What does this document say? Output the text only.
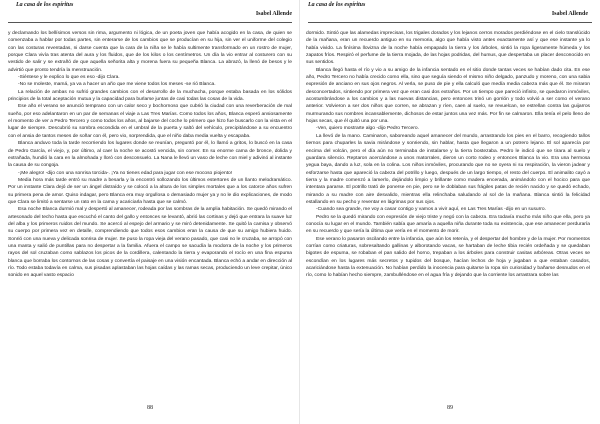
La casa de los espíritus
Isabel Allende

y declamando los bellísimos versos sin rima, argumento ni lógica, de un poeta joven que había acogido en la casa, de quien se comenzaba a hablar por todas partes, sin enterarse de los cambios que se producían en su hija, sin ver el uniforme del colegio con las costuras reventadas, ni darse cuenta que la cara de la niña se le había sultimente transformado en un rostro de mujer, porque Clara vivía tras atenta del aura y los fluidos, que de los kilos o los centímetros. Un día la vio entrar al costurero con su vestido de salir y se extrañó de que aquella señorita alta y morena fuera su pequeña Blanca. La abrazó, la llenó de besos y le advirtió que pronto tendría la menstruación.

-Siéntese y le explico lo que es eso -dijo Clara.

-No se moleste, mamá, ya va a hacer un año que me viene todos los meses -se rió Blanca.

La relación de ambas no sufrió grandes cambios con el desarrollo de la muchacha, porque estaba basada en los sólidos principios de la total aceptación mutua y la capacidad para burlarse juntas de casi todas las cosas de la vida.

Ese año el verano se anunció temprano con un calor seco y bochornoso que cubrió la ciudad con una reverberación de mal sueño, por eso adelantaron en un par de semanas el viaje a Las Tres Marías. Como todos los años, Blanca esperó ansiosamente el momento de ver a Pedro Tercero y como todos los años, al bajarse del coche lo primero que hizo fue buscarlo con la vista en el lugar de siempre. Descubrió su sombra escondida en el umbral de la puerta y saltó del vehículo, precipitándose a su encuentro con el ansia de tantos meses de soñar con él, pero vio, sorprendida, que el niño daba media vuelta y escapaba.

Blanca anduvo toda la tarde recorriendo los lugares donde se reunían, preguntó por él, lo llamó a gritos, lo buscó en la casa de Pedro García, el viejo, y, por último, al caer la noche se acostó vencida, sin comer. En su enorme cama de bronce, dolida y extrañada, hundió la cara en la almohada y lloró con desconsuelo. La Nana le llevó un vaso de leche con miel y adivinó al instante la causa de su congoja.

-¡Me alegro! -dijo con una sonrisa torcida-. ¡Ya no tienes edad para jugar con ese mocoso piojento!

Media hora más tarde entró su madre a besarla y la encontró sollozando los últimos estertores de un llanto melodramático. Por un instante Clara dejó de ser un ángel distraído y se colocó a la altura de los simples mortales que a los catorce años sufren su primera pena de amor. Quiso indagar, pero Blanca era muy orgullosa o demasiado mujer ya y no le dio explicaciones, de modo que Clara se limitó a sentarse un rato en la cama y acariciarla hasta que se calmó.

Esa noche Blanca durmió mal y despertó al amanecer, rodeada por las sombras de la amplia habitación. Se quedó mirando el artesonado del techo hasta que escuchó el canto del gallo y entonces se levantó, abrió las cortinas y dejó que entrara la suave luz del alba y los primeros ruidos del mundo. Se acercó al espejo del armario y se miró detenidamente. Se quitó la camisa y observó su cuerpo por primera vez en detalle, comprendiendo que todos esos cambios eran la causa de que su amigo hubiera huido. Sonrió con una nueva y delicada sonrisa de mujer. Se puso la ropa vieja del verano pasado, que casi no le cruzaba, se arropó con una manta y salió de puntillas para no despertar a la familia. Afuera el campo se sacudía la modorra de la noche y los primeros rayos del sol cruzaban como sablazos los picos de la cordillera, calentando la tierra y evaporando el rocío en una fina espuma blanca que borraba los contornos de las cosas y convertía el paisaje en una visión encantada. Blanca echó a andar en dirección al río. Todo estaba todavía en calma, sus pisadas aplastaban las hojas caídas y las ramas secas, produciendo un leve crepitar, único sonido en aquel vasto espacio

88
La casa de los espíritus
Isabel Allende

dormido. Sintió que las alamedas imprecisas, los trigales dorados y los lejanos cerros morados perdiéndose en el cielo translúcido de la mañana, eran un recuerdo antiguo en su memoria, algo que había visto antes exactamente así y que ese instante ya lo había vivido. La finísima llovizna de la noche había empapado la tierra y los árboles, sintió la ropa ligeramente húmeda y los zapatos fríos. Respiró el perfume de la tierra mojada, de las hojas podridas, del humus, que despertaba un placer desconocido en sus sentidos.

Blanca llegó hasta el río y vio a su amigo de la infancia sentado en el sitio donde tantas veces se habían dado cita. En ese año, Pedro Tercero no había crecido como ella, sino que seguía siendo el mismo niño delgado, panzudo y moreno, con una sabia expresión de anciano en sus ojos negros. Al verla, se puso de pie y ella calculó que medía media cabeza más que él. Se miraron desconcertados, sintiendo por primera vez que eran casi dos extraños. Por un tiempo que pareció infinito, se quedaron inmóviles, acostumbrándose a los cambios y a las nuevas distancias, pero entonces trinó un gorrión y todo volvió a ser como el verano anterior. Volvieron a ser dos niños que corren, se abrazan y ríen, caen al suelo, se revuelcan, se estrellan contra las guijarros murmurando sus nombres incansablemente, dichosos de estar juntos una vez más. Por fin se calmaron. Ella tenía el pelo lleno de hojas secas, que él quitó una por una.

-Ven, quiero mostrarte algo -dijo Pedro Tercero.

La llevó de la mano. Caminaron, saboreando aquel amanecer del mundo, arrastrando los pies en el barro, recogiendo tallos tiernos para chuparles la savia mirándose y sonriendo, sin hablar, hasta que llegaron a un potrero lejano. El sol aparecía por encima del volcán, pero el día aún no terminaba de instalarse y la tierra bostezaba. Pedro le indicó que se tirara al suelo y guardara silencio. Reptaron acercándose a unos matorrales, dieron un corto rodeo y entonces Blanca la vio. Era una hermosa yegua baya, dando a luz, sola en la colina. Los niños inmóviles, procurando que no se oyera ni su respiración, la vieron jadear y esforzarse hasta que apareció la cabeza del potrillo y luego, después de un largo tiempo, el resto del cuerpo. El animalito cayó a tierra y la madre comenzó a lamerlo, dejándolo limpio y brillante como madera encerada, animándolo con el hocico para que intentara pararse. El potrillo trató de ponerse en pie, pero se le doblaban sus frágiles patas de recién nacido y se quedó echado, mirando a su madre con aire desvalido, mientras ella relinchaba saludando al sol de la mañana. Blanca sintió la felicidad estallando en su pecho y reventar en lágrimas por sus ojos.

-Cuando sea grande, me voy a casar contigo y vamos a vivir aquí, en Las Tres Marías -dijo en un susurro.

Pedro se la quedó mirando con expresión de viejo triste y negó con la cabeza. Era todavía mucho más niño que ella, pero ya conocía su lugar en el mundo. También sabía que amaría a aquella niña durante toda su existencia, que ese amanecer perduraría en su recuerdo y que sería la última que vería en el momento de morir.

Ese verano lo pasaron oscilando entre la infancia, que aún los retenía, y el despertar del hombre y de la mujer. Por momentos corrían como criaturas, sobresaltando gallinas y alborotando vacas, se hartaban de leche tibia recién ordeñada y se quedaban bigotes de espuma, se robaban el pan salido del horno, trepaban a los árboles para construir casitas arbóreas. Otras veces se escondían en los lugares más secretos y tupidos del bosque, hacían lechos de hoja y jugaban a que estaban casados, acariciándose hasta la extenuación. No habían perdido la inocencia para quitarse la ropa sin curiosidad y bañarse desnudos en el río, como lo habían hecho siempre, zambulléndose en el agua fría y dejando que la corriente los arrastrara sobre las

89
